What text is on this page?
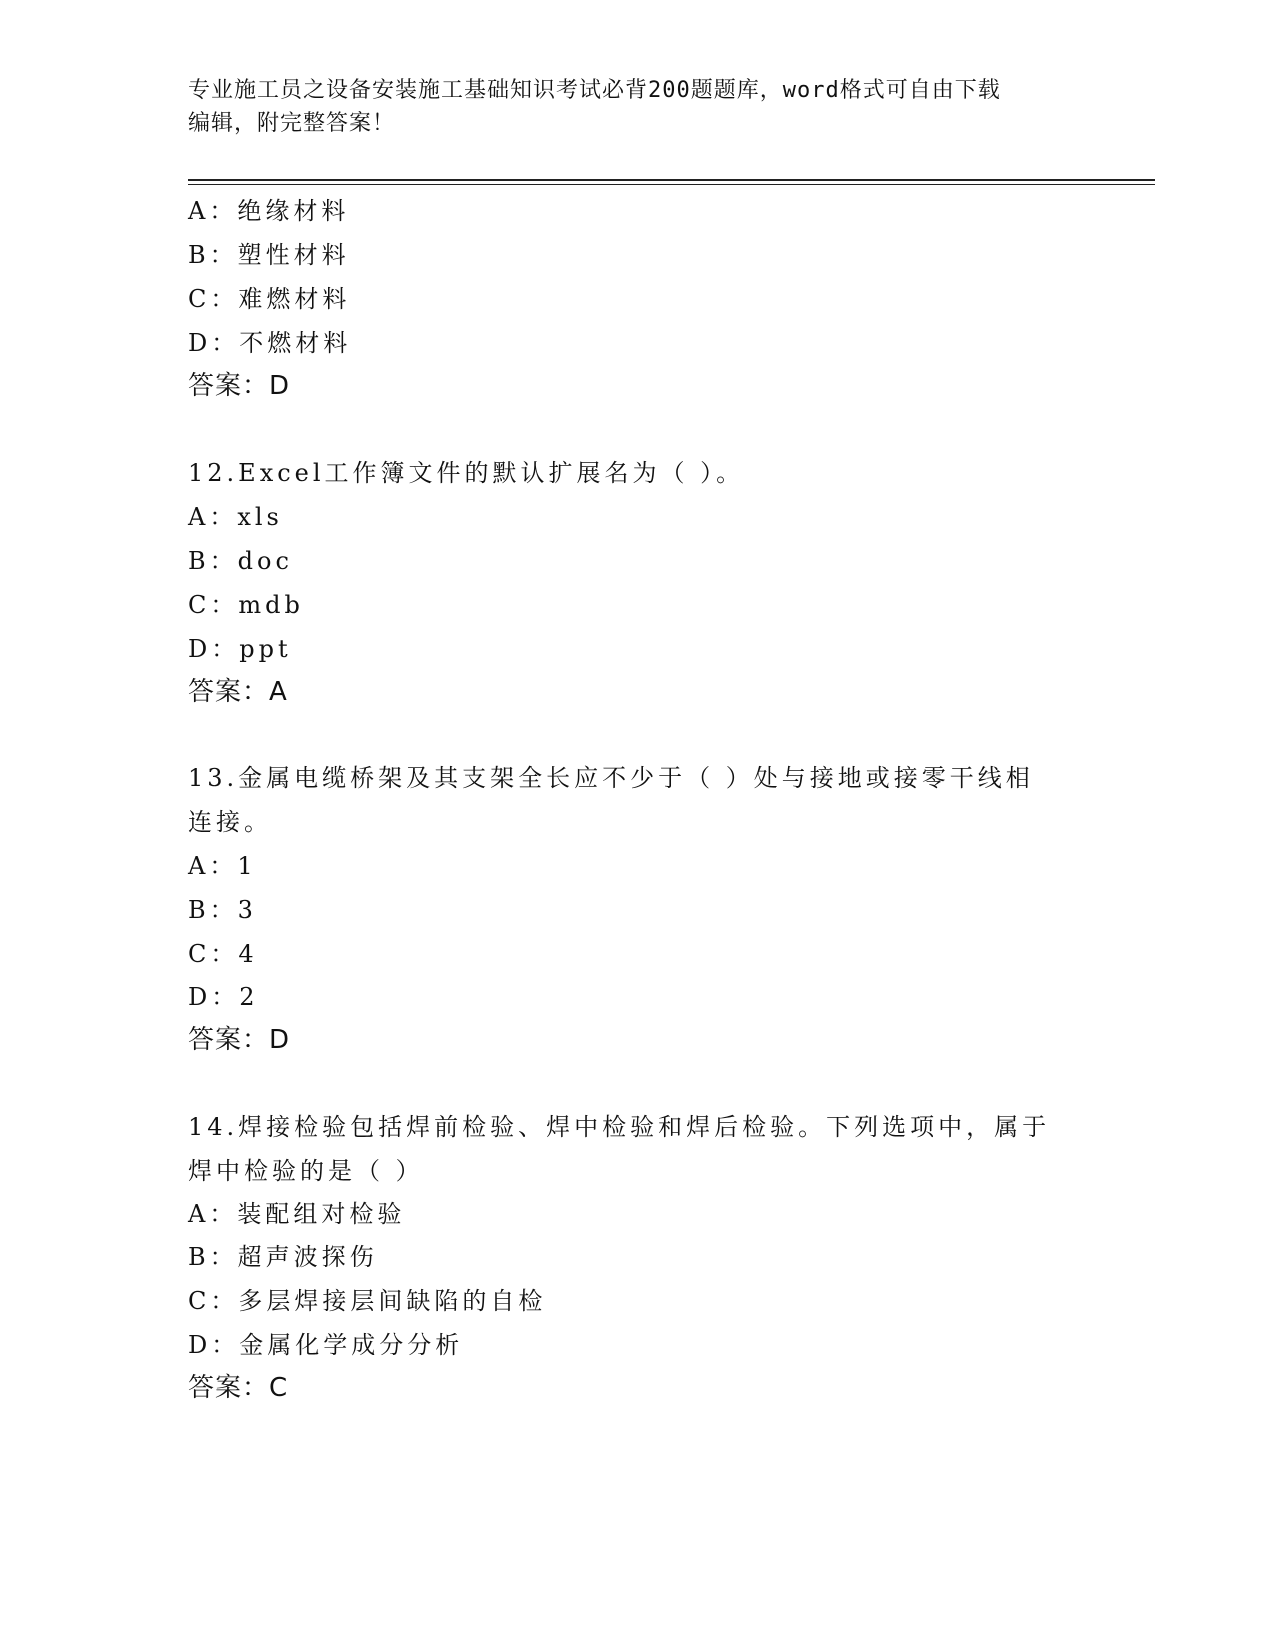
专业施工员之设备安装施工基础知识考试必背200题题库，word格式可自由下载
编辑，附完整答案！
A：绝缘材料
B：塑性材料
C：难燃材料
D：不燃材料
答案：D
12.Excel工作簿文件的默认扩展名为（ ）。
A：xls
B：doc
C：mdb
D：ppt
答案：A
13.金属电缆桥架及其支架全长应不少于（ ）处与接地或接零干线相
连接。
A：1
B：3
C：4
D：2
答案：D
14.焊接检验包括焊前检验、焊中检验和焊后检验。下列选项中，属于
焊中检验的是（ ）
A：装配组对检验
B：超声波探伤
C：多层焊接层间缺陷的自检
D：金属化学成分分析
答案：C
